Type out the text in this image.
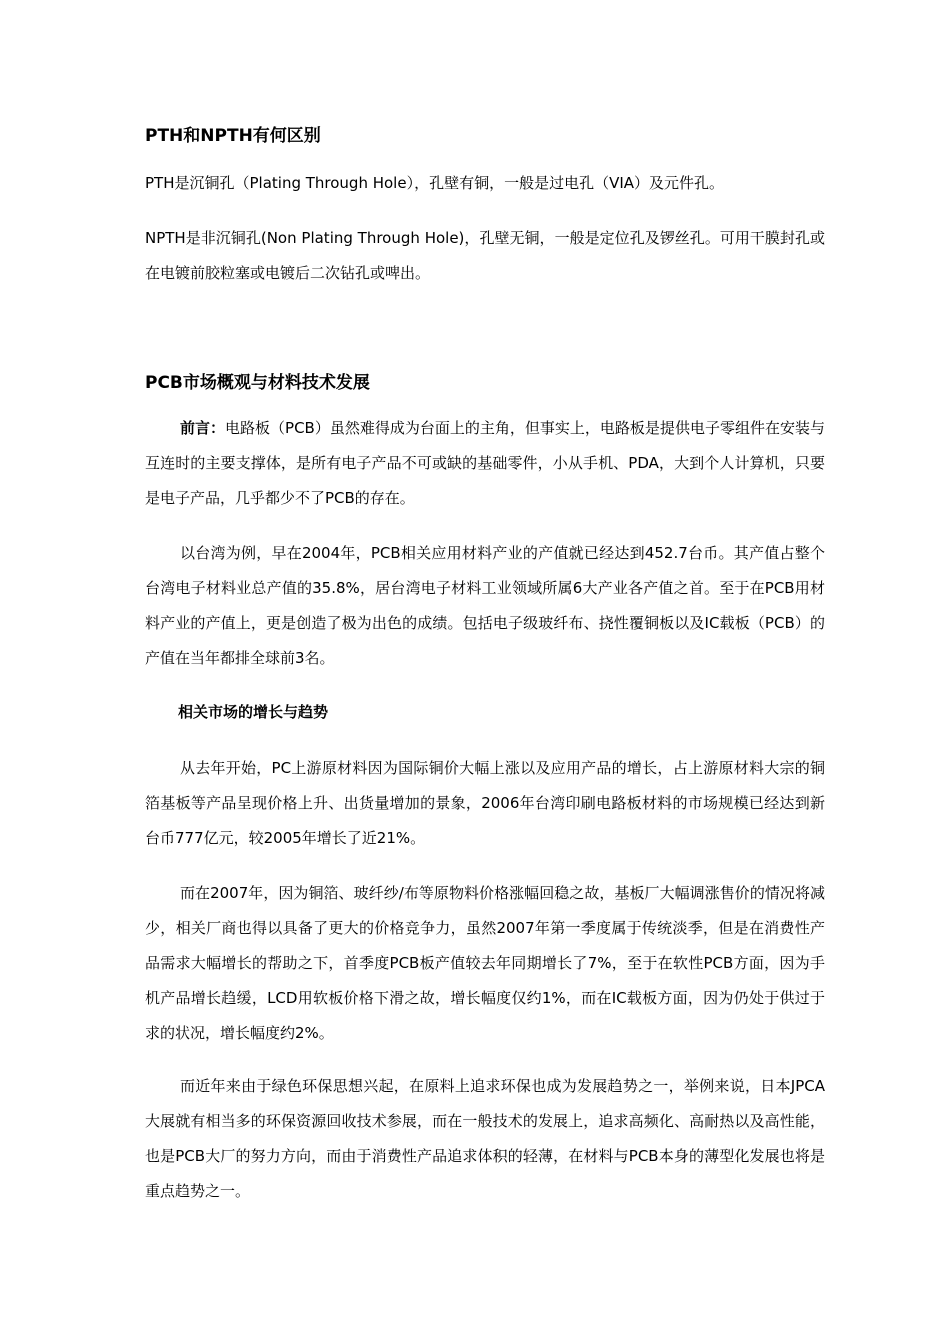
PTH和NPTH有何区别

PTH是沉铜孔（Plating Through Hole），孔壁有铜，一般是过电孔（VIA）及元件孔。

NPTH是非沉铜孔(Non Plating Through Hole)，孔壁无铜，一般是定位孔及锣丝孔。可用干膜封孔或在电镀前胶粒塞或电镀后二次钻孔或啤出。

PCB市场概观与材料技术发展

前言：电路板（PCB）虽然难得成为台面上的主角，但事实上，电路板是提供电子零组件在安装与互连时的主要支撑体，是所有电子产品不可或缺的基础零件，小从手机、PDA，大到个人计算机，只要是电子产品，几乎都少不了PCB的存在。

以台湾为例，早在2004年，PCB相关应用材料产业的产值就已经达到452.7台币。其产值占整个台湾电子材料业总产值的35.8%，居台湾电子材料工业领域所属6大产业各产值之首。至于在PCB用材料产业的产值上，更是创造了极为出色的成绩。包括电子级玻纤布、挠性覆铜板以及IC载板（PCB）的产值在当年都排全球前3名。

相关市场的增长与趋势

从去年开始，PC上游原材料因为国际铜价大幅上涨以及应用产品的增长，占上游原材料大宗的铜箔基板等产品呈现价格上升、出货量增加的景象，2006年台湾印刷电路板材料的市场规模已经达到新台币777亿元，较2005年增长了近21%。

而在2007年，因为铜箔、玻纤纱/布等原物料价格涨幅回稳之故，基板厂大幅调涨售价的情况将减少，相关厂商也得以具备了更大的价格竞争力，虽然2007年第一季度属于传统淡季，但是在消费性产品需求大幅增长的帮助之下，首季度PCB板产值较去年同期增长了7%，至于在软性PCB方面，因为手机产品增长趋缓，LCD用软板价格下滑之故，增长幅度仅约1%，而在IC载板方面，因为仍处于供过于求的状况，增长幅度约2%。

而近年来由于绿色环保思想兴起，在原料上追求环保也成为发展趋势之一，举例来说，日本JPCA大展就有相当多的环保资源回收技术参展，而在一般技术的发展上，追求高频化、高耐热以及高性能，也是PCB大厂的努力方向，而由于消费性产品追求体积的轻薄，在材料与PCB本身的薄型化发展也将是重点趋势之一。
